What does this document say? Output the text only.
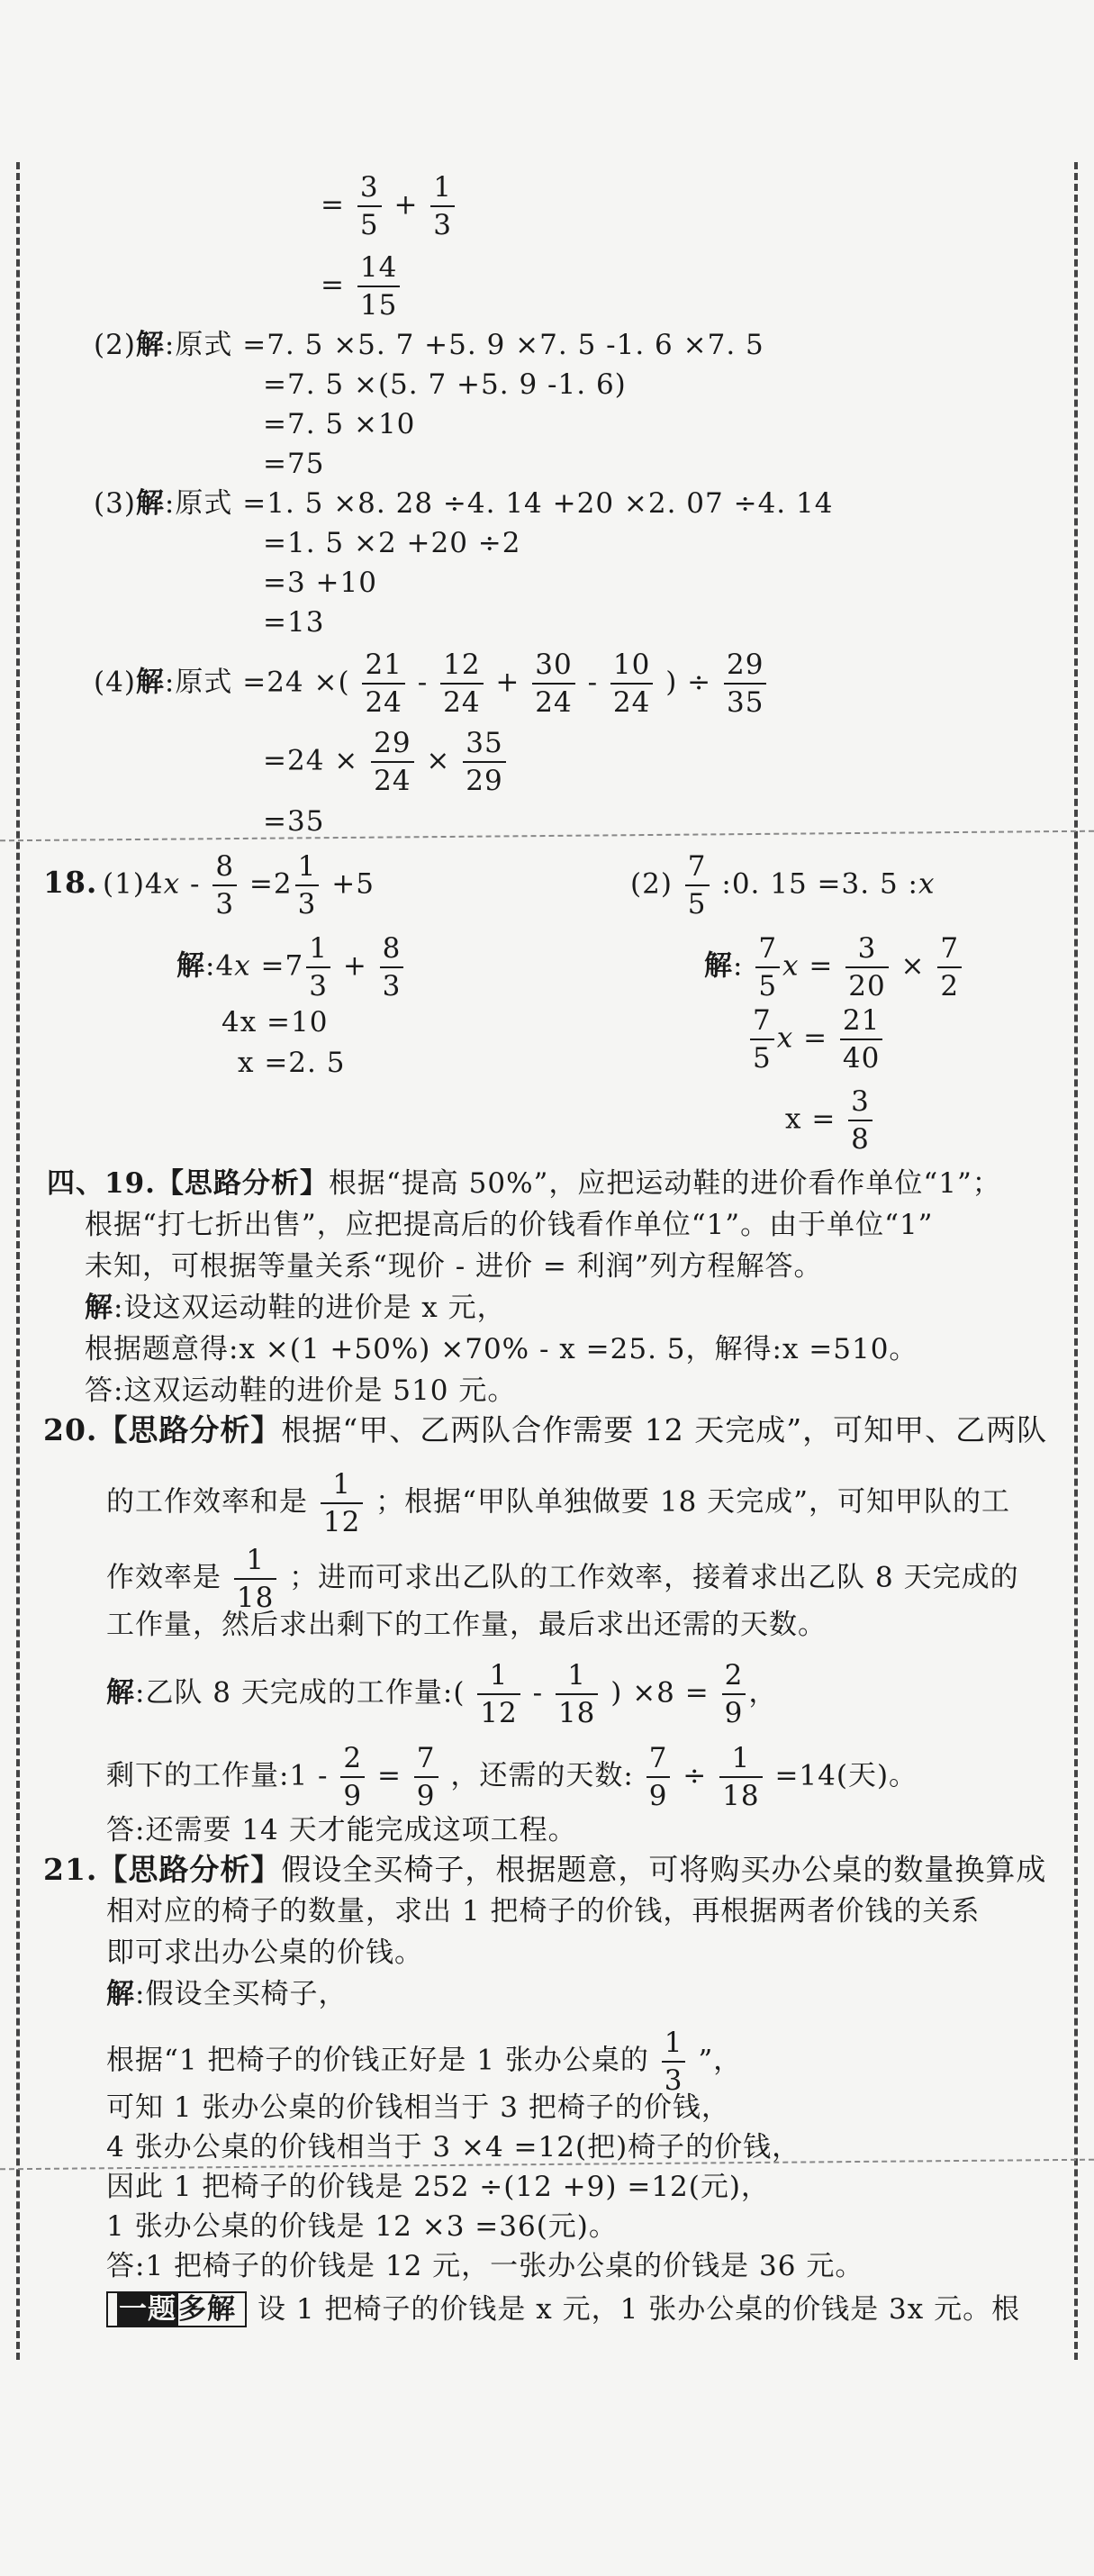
= $\frac{3}{5} + \frac{1}{3}$
= $\frac{14}{15}$
(2)解:原式 =7. 5 ×5. 7 +5. 9 ×7. 5 -1. 6 ×7. 5
=7. 5 ×(5. 7 +5. 9 -1. 6)
=7. 5 ×10
=75
(3)解:原式 =1. 5 ×8. 28 ÷4. 14 +20 ×2. 07 ÷4. 14
=1. 5 ×2 +20 ÷2
=3 +10
=13
(4)解:原式 =24 ×( $\frac{21}{24} - \frac{12}{24} + \frac{30}{24} - \frac{10}{24}$ ) ÷ $\frac{29}{35}$
$=24 \times \frac{29}{24} \times \frac{35}{29}$
=35
18. $(1)4x - \frac{8}{3} =2 \frac{1}{3} +5$
解:4x $=7 \frac{1}{3} + \frac{8}{3}$
4x =10
x =2. 5
$(2) \frac{7}{5}$ :0. 15 =3. 5 :x
解: $\frac{7}{5}$ $x = \frac{3}{20} \times \frac{7}{2}$
$\frac{7}{5}$ $x = \frac{21}{40}$
$x = \frac{3}{8}$
四、19.【思路分析】根据“提高 50%”，应把运动鞋的进价看作单位“1”；
根据“打七折出售”，应把提高后的价钱看作单位“1”。由于单位“1”
未知，可根据等量关系“现价 - 进价 = 利润”列方程解答。
解:设这双运动鞋的进价是 x 元，
根据题意得:x ×(1 +50%) ×70% - x =25. 5，解得:x =510。
答:这双运动鞋的进价是 510 元。
20.【思路分析】根据“甲、乙两队合作需要 12 天完成”，可知甲、乙两队
的工作效率和是 $\frac{1}{12}$ ；根据“甲队单独做要 18 天完成”，可知甲队的工
作效率是 $\frac{1}{18}$ ；进而可求出乙队的工作效率，接着求出乙队 8 天完成的
工作量，然后求出剩下的工作量，最后求出还需的天数。
解:乙队 8 天完成的工作量:( $\frac{1}{12} - \frac{1}{18}$ ) $\times 8 = \frac{2}{9}$ ，
剩下的工作量:1 - $\frac{2}{9} = \frac{7}{9}$ ，还需的天数: $\frac{7}{9} \div \frac{1}{18} =14$(天)。
答:还需要 14 天才能完成这项工程。
21.【思路分析】假设全买椅子，根据题意，可将购买办公桌的数量换算成
相对应的椅子的数量，求出 1 把椅子的价钱，再根据两者价钱的关系
即可求出办公桌的价钱。
解:假设全买椅子，
根据“1 把椅子的价钱正好是 1 张办公桌的 $\frac{1}{3}$ ”，
可知 1 张办公桌的价钱相当于 3 把椅子的价钱，
4 张办公桌的价钱相当于 3 ×4 =12(把)椅子的价钱，
因此 1 把椅子的价钱是 252 ÷(12 +9) =12(元)，
1 张办公桌的价钱是 12 ×3 =36(元)。
答:1 把椅子的价钱是 12 元，一张办公桌的价钱是 36 元。
一题多解 设 1 把椅子的价钱是 x 元，1 张办公桌的价钱是 3x 元。根
